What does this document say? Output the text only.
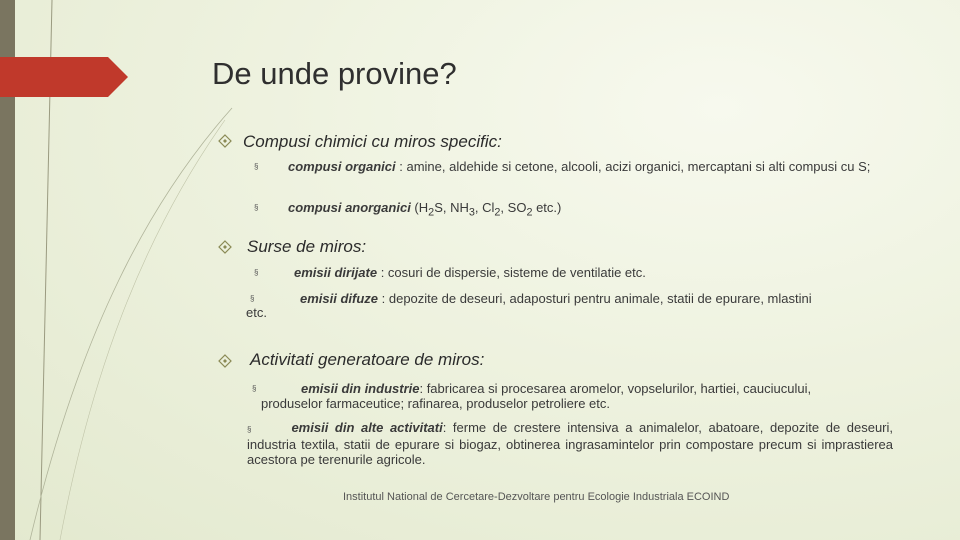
De unde provine?
Compusi chimici cu miros specific:
§ compusi organici : amine, aldehide si cetone, alcooli, acizi organici, mercaptani si alti compusi cu S;
§ compusi anorganici ($H_2S$, $NH_3$, $Cl_2$, $SO_2$ etc.)
Surse de miros:
§	emisii dirijate : cosuri de dispersie, sisteme de ventilatie etc.
§	emisii difuze : depozite de deseuri, adaposturi pentru animale, statii de epurare, mlastini
etc.
Activitati generatoare de miros:
§	emisii din industrie: fabricarea si procesarea aromelor, vopselurilor, hartiei, cauciucului,
produselor farmaceutice; rafinarea, produselor petroliere etc.
§	emisii din alte activitati: ferme de crestere intensiva a animalelor, abatoare, depozite de deseuri, industria textila, statii de epurare si biogaz, obtinerea ingrasamintelor prin compostare precum si imprastierea acestora pe terenurile agricole.
Institutul National de Cercetare-Dezvoltare pentru Ecologie Industriala ECOIND
